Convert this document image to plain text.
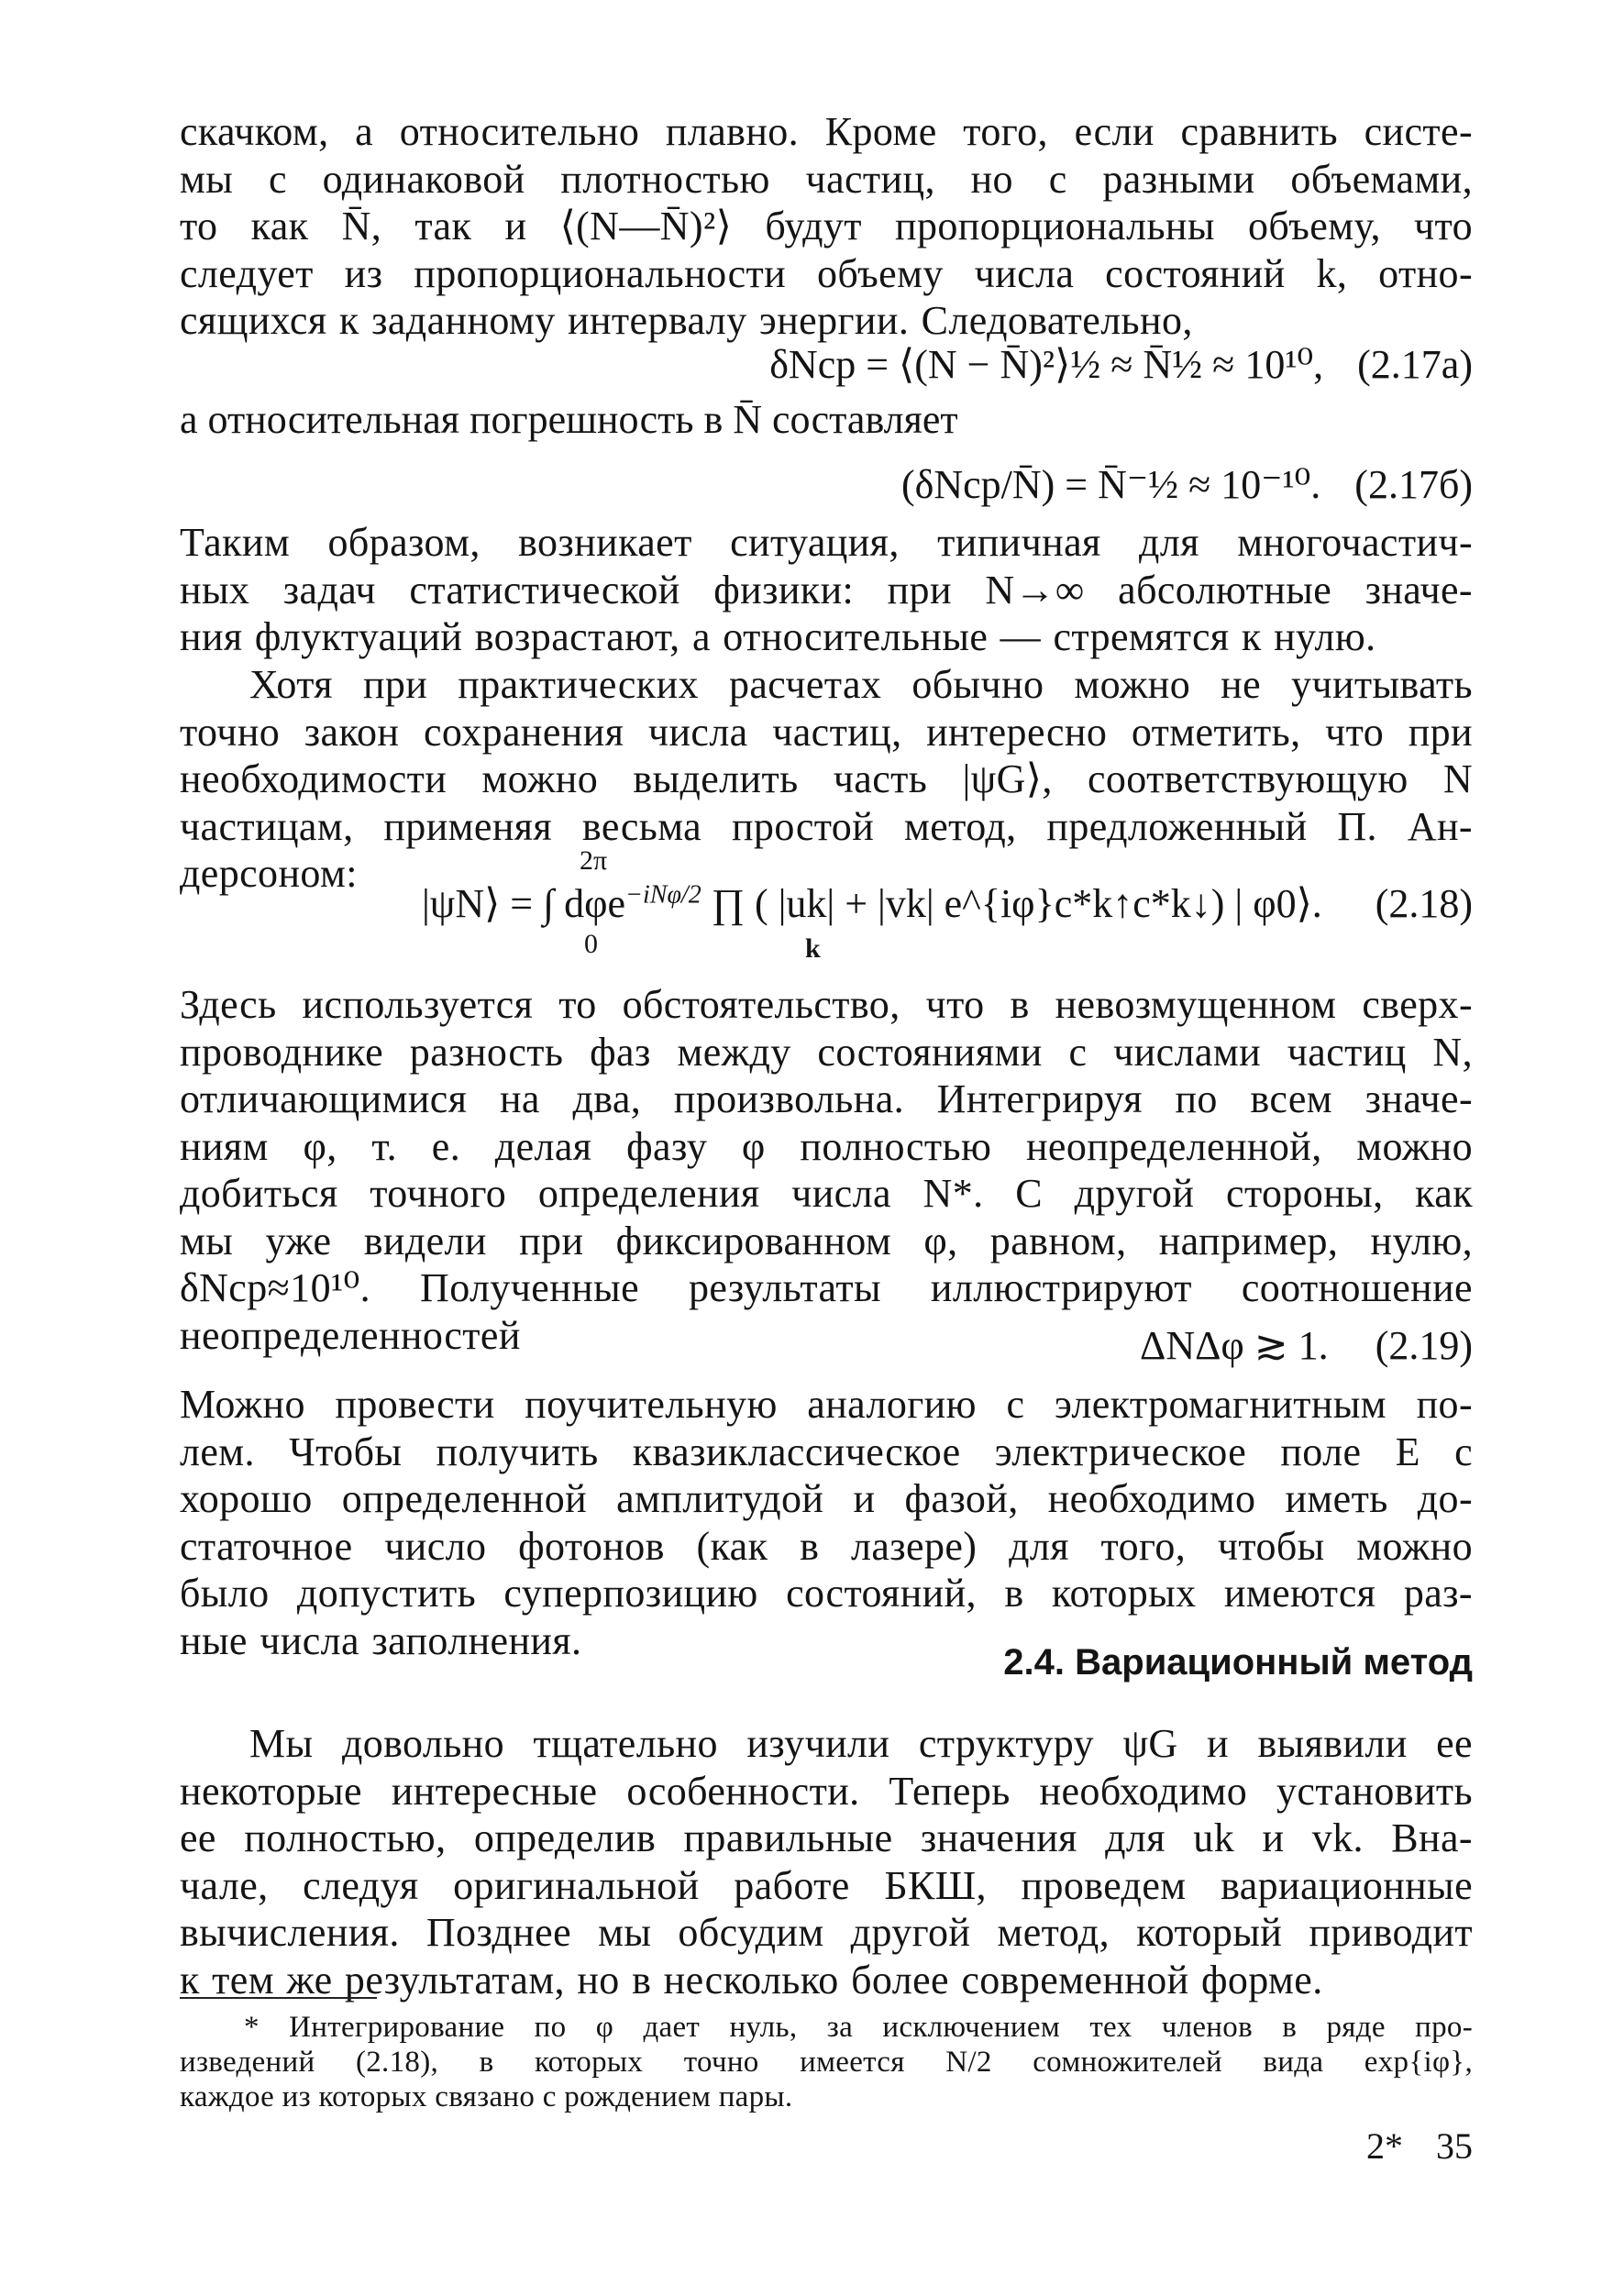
скачком, а относительно плавно. Кроме того, если сравнить систе-
мы с одинаковой плотностью частиц, но с разными объемами,
то как N̄, так и ⟨(N—N̄)²⟩ будут пропорциональны объему, что
следует из пропорциональности объему числа состояний k, отно-
сящихся к заданному интервалу энергии. Следовательно,
δNср = ⟨(N − N̄)²⟩½ ≈ N̄½ ≈ 10¹⁰, (2.17а)
а относительная погрешность в N̄ составляет
(δNср/N̄) = N̄⁻½ ≈ 10⁻¹⁰. (2.17б)
Таким образом, возникает ситуация, типичная для многочастич-
ных задач статистической физики: при N→∞ абсолютные значе-
ния флуктуаций возрастают, а относительные — стремятся к нулю.
Хотя при практических расчетах обычно можно не учитывать
точно закон сохранения числа частиц, интересно отметить, что при
необходимости можно выделить часть |ψG⟩, соответствующую N
частицам, применяя весьма простой метод, предложенный П. Ан-
дерсоном:	2π
0
|ψN⟩ = ∫ dφe$^{-iN\varphi/2}$ ∏ ( |uk| + |vk| e^{iφ}c*k↑c*k↓) | φ0⟩.
k
(2.18)
Здесь используется то обстоятельство, что в невозмущенном сверх-
проводнике разность фаз между состояниями с числами частиц N,
отличающимися на два, произвольна. Интегрируя по всем значе-
ниям φ, т. е. делая фазу φ полностью неопределенной, можно
добиться точного определения числа N*. С другой стороны, как
мы уже видели при фиксированном φ, равном, например, нулю,
δNср≈10¹⁰. Полученные результаты иллюстрируют соотношение
неопределенностей	ΔNΔφ ≳ 1. (2.19)
Можно провести поучительную аналогию с электромагнитным по-
лем. Чтобы получить квазиклассическое электрическое поле E с
хорошо определенной амплитудой и фазой, необходимо иметь до-
статочное число фотонов (как в лазере) для того, чтобы можно
было допустить суперпозицию состояний, в которых имеются раз-
ные числа заполнения.	2.4. Вариационный метод
Мы довольно тщательно изучили структуру ψG и выявили ее
некоторые интересные особенности. Теперь необходимо установить
ее полностью, определив правильные значения для uk и vk. Вна-
чале, следуя оригинальной работе БКШ, проведем вариационные
вычисления. Позднее мы обсудим другой метод, который приводит
к тем же результатам, но в несколько более современной форме.
* Интегрирование по φ дает нуль, за исключением тех членов в ряде про-
изведений (2.18), в которых точно имеется N/2 сомножителей вида exp{iφ},
каждое из которых связано с рождением пары.
2* 35
